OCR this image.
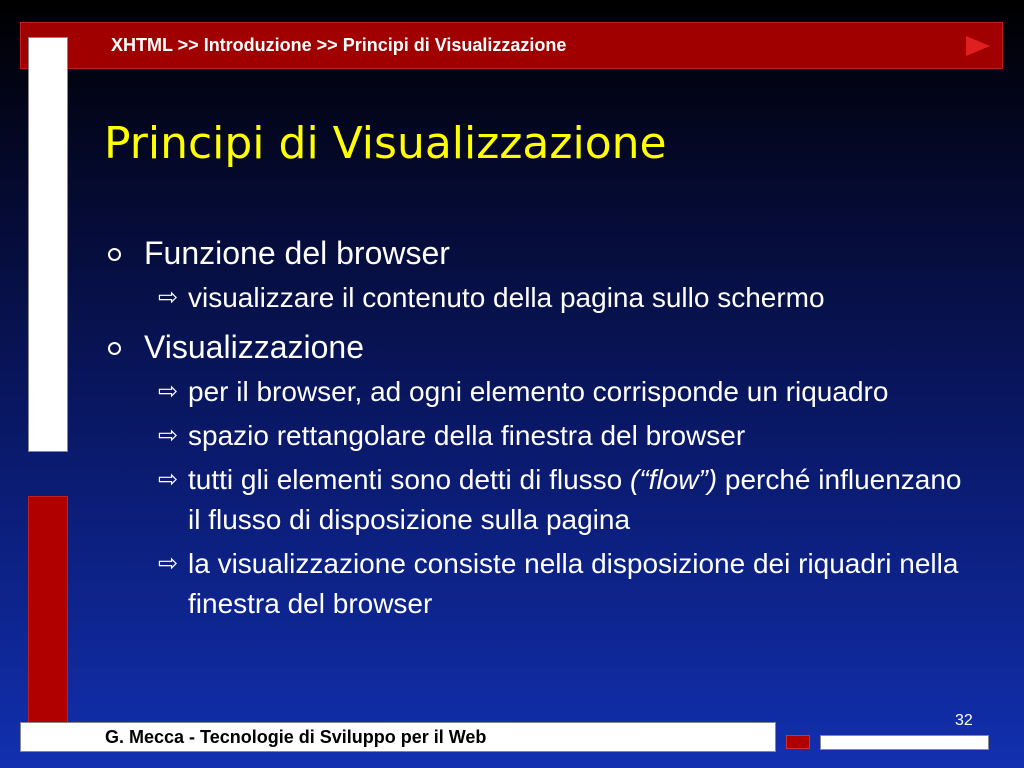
XHTML >> Introduzione >> Principi di Visualizzazione
Principi di Visualizzazione
Funzione del browser
⇨ visualizzare il contenuto della pagina sullo schermo
Visualizzazione
⇨ per il browser, ad ogni elemento corrisponde un riquadro
⇨ spazio rettangolare della finestra del browser
⇨ tutti gli elementi sono detti di flusso (“flow”) perché influenzano il flusso di disposizione sulla pagina
⇨ la visualizzazione consiste nella disposizione dei riquadri nella finestra del browser
G. Mecca - Tecnologie di Sviluppo per il Web
32
